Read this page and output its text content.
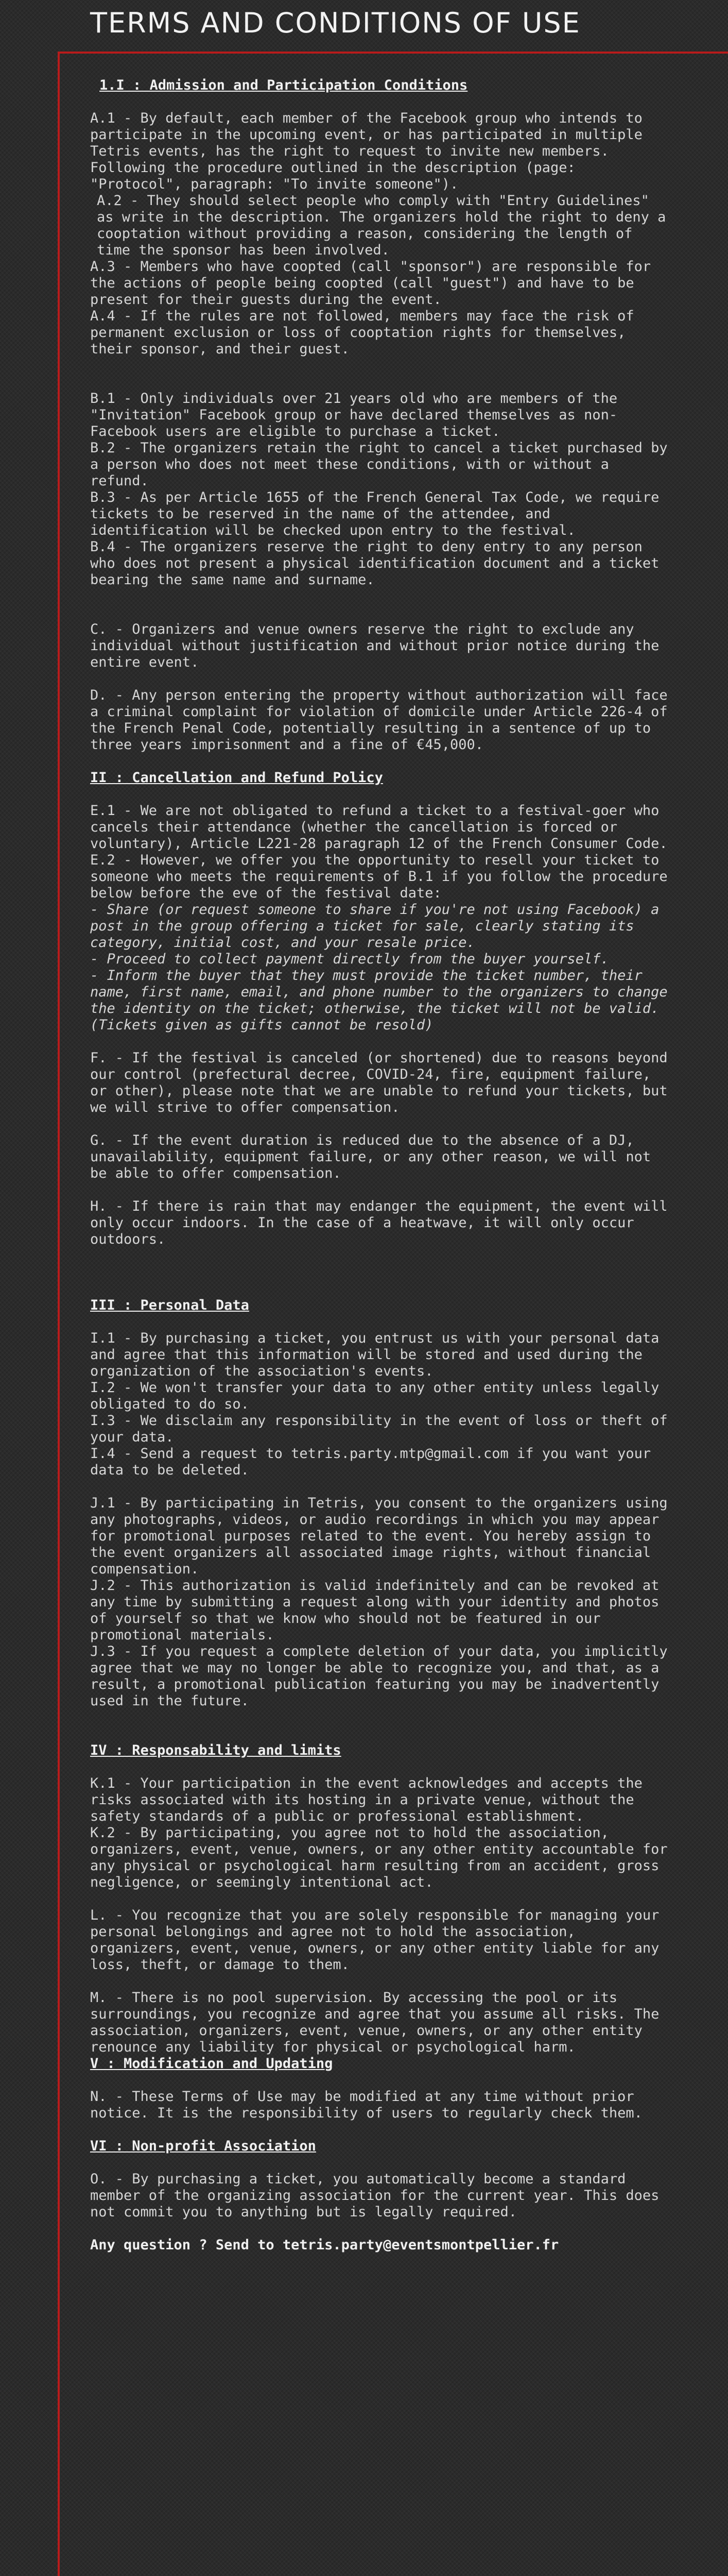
TERMS AND CONDITIONS OF USE

1.I : Admission and Participation Conditions

A.1 - By default, each member of the Facebook group who intends to participate in the upcoming event, or has participated in multiple Tetris events, has the right to request to invite new members. Following the procedure outlined in the description (page: "Protocol", paragraph: "To invite someone").

A.2 - They should select people who comply with "Entry Guidelines" as write in the description. The organizers hold the right to deny a cooptation without providing a reason, considering the length of time the sponsor has been involved.

A.3 - Members who have coopted (call "sponsor") are responsible for the actions of people being coopted (call "guest") and have to be present for their guests during the event.

A.4 - If the rules are not followed, members may face the risk of permanent exclusion or loss of cooptation rights for themselves, their sponsor, and their guest.

B.1 - Only individuals over 21 years old who are members of the "Invitation" Facebook group or have declared themselves as non-Facebook users are eligible to purchase a ticket.

B.2 - The organizers retain the right to cancel a ticket purchased by a person who does not meet these conditions, with or without a refund.

B.3 - As per Article 1655 of the French General Tax Code, we require tickets to be reserved in the name of the attendee, and identification will be checked upon entry to the festival.

B.4 - The organizers reserve the right to deny entry to any person who does not present a physical identification document and a ticket bearing the same name and surname.

C. - Organizers and venue owners reserve the right to exclude any individual without justification and without prior notice during the entire event.

D. - Any person entering the property without authorization will face a criminal complaint for violation of domicile under Article 226-4 of the French Penal Code, potentially resulting in a sentence of up to three years imprisonment and a fine of €45,000.

II : Cancellation and Refund Policy

E.1 - We are not obligated to refund a ticket to a festival-goer who cancels their attendance (whether the cancellation is forced or voluntary), Article L221-28 paragraph 12 of the French Consumer Code.

E.2 - However, we offer you the opportunity to resell your ticket to someone who meets the requirements of B.1 if you follow the procedure below before the eve of the festival date:

- Share (or request someone to share if you're not using Facebook) a post in the group offering a ticket for sale, clearly stating its category, initial cost, and your resale price.

- Proceed to collect payment directly from the buyer yourself.

- Inform the buyer that they must provide the ticket number, their name, first name, email, and phone number to the organizers to change the identity on the ticket; otherwise, the ticket will not be valid.

(Tickets given as gifts cannot be resold)

F. - If the festival is canceled (or shortened) due to reasons beyond our control (prefectural decree, COVID-24, fire, equipment failure, or other), please note that we are unable to refund your tickets, but we will strive to offer compensation.

G. - If the event duration is reduced due to the absence of a DJ, unavailability, equipment failure, or any other reason, we will not be able to offer compensation.

H. - If there is rain that may endanger the equipment, the event will only occur indoors. In the case of a heatwave, it will only occur outdoors.

III : Personal Data

I.1 - By purchasing a ticket, you entrust us with your personal data and agree that this information will be stored and used during the organization of the association's events.

I.2 - We won't transfer your data to any other entity unless legally obligated to do so.

I.3 - We disclaim any responsibility in the event of loss or theft of your data.

I.4 - Send a request to tetris.party.mtp@gmail.com if you want your data to be deleted.

J.1 - By participating in Tetris, you consent to the organizers using any photographs, videos, or audio recordings in which you may appear for promotional purposes related to the event. You hereby assign to the event organizers all associated image rights, without financial compensation.

J.2 - This authorization is valid indefinitely and can be revoked at any time by submitting a request along with your identity and photos of yourself so that we know who should not be featured in our promotional materials.

J.3 - If you request a complete deletion of your data, you implicitly agree that we may no longer be able to recognize you, and that, as a result, a promotional publication featuring you may be inadvertently used in the future.

IV : Responsability and limits

K.1 - Your participation in the event acknowledges and accepts the risks associated with its hosting in a private venue, without the safety standards of a public or professional establishment.

K.2 - By participating, you agree not to hold the association, organizers, event, venue, owners, or any other entity accountable for any physical or psychological harm resulting from an accident, gross negligence, or seemingly intentional act.

L. - You recognize that you are solely responsible for managing your personal belongings and agree not to hold the association, organizers, event, venue, owners, or any other entity liable for any loss, theft, or damage to them.

M. - There is no pool supervision. By accessing the pool or its surroundings, you recognize and agree that you assume all risks. The association, organizers, event, venue, owners, or any other entity renounce any liability for physical or psychological harm.

V : Modification and Updating

N. - These Terms of Use may be modified at any time without prior notice. It is the responsibility of users to regularly check them.

VI : Non-profit Association

O. - By purchasing a ticket, you automatically become a standard member of the organizing association for the current year. This does not commit you to anything but is legally required.

Any question ? Send to tetris.party@eventsmontpellier.fr
